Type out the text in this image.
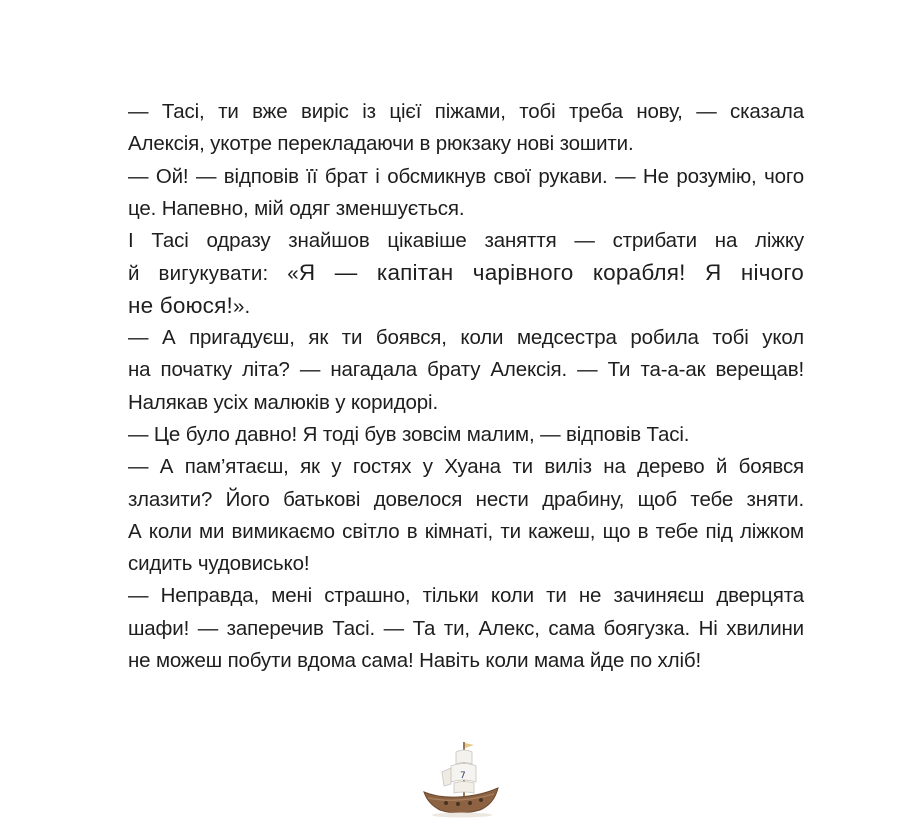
— Тасі, ти вже виріс із цієї піжами, тобі треба нову, — сказала
Алексія, укотре перекладаючи в рюкзаку нові зошити.
— Ой! — відповів її брат і обсмикнув свої рукави. — Не розумію, чого
це. Напевно, мій одяг зменшується.
І Тасі одразу знайшов цікавіше заняття — стрибати на ліжку
й вигукувати: «Я — капітан чарівного корабля! Я нічого
не боюся!».
— А пригадуєш, як ти боявся, коли медсестра робила тобі укол
на початку літа? — нагадала брату Алексія. — Ти та-а-ак верещав!
Налякав усіх малюків у коридорі.
— Це було давно! Я тоді був зовсім малим, — відповів Тасі.
— А пам’ятаєш, як у гостях у Хуана ти виліз на дерево й боявся
злазити? Його батькові довелося нести драбину, щоб тебе зняти.
А коли ми вимикаємо світло в кімнаті, ти кажеш, що в тебе під ліжком
сидить чудовисько!
— Неправда, мені страшно, тільки коли ти не зачиняєш дверцята
шафи! — заперечив Тасі. — Та ти, Алекс, сама боягузка. Ні хвилини
не можеш побути вдома сама! Навіть коли мама йде по хліб!
7
